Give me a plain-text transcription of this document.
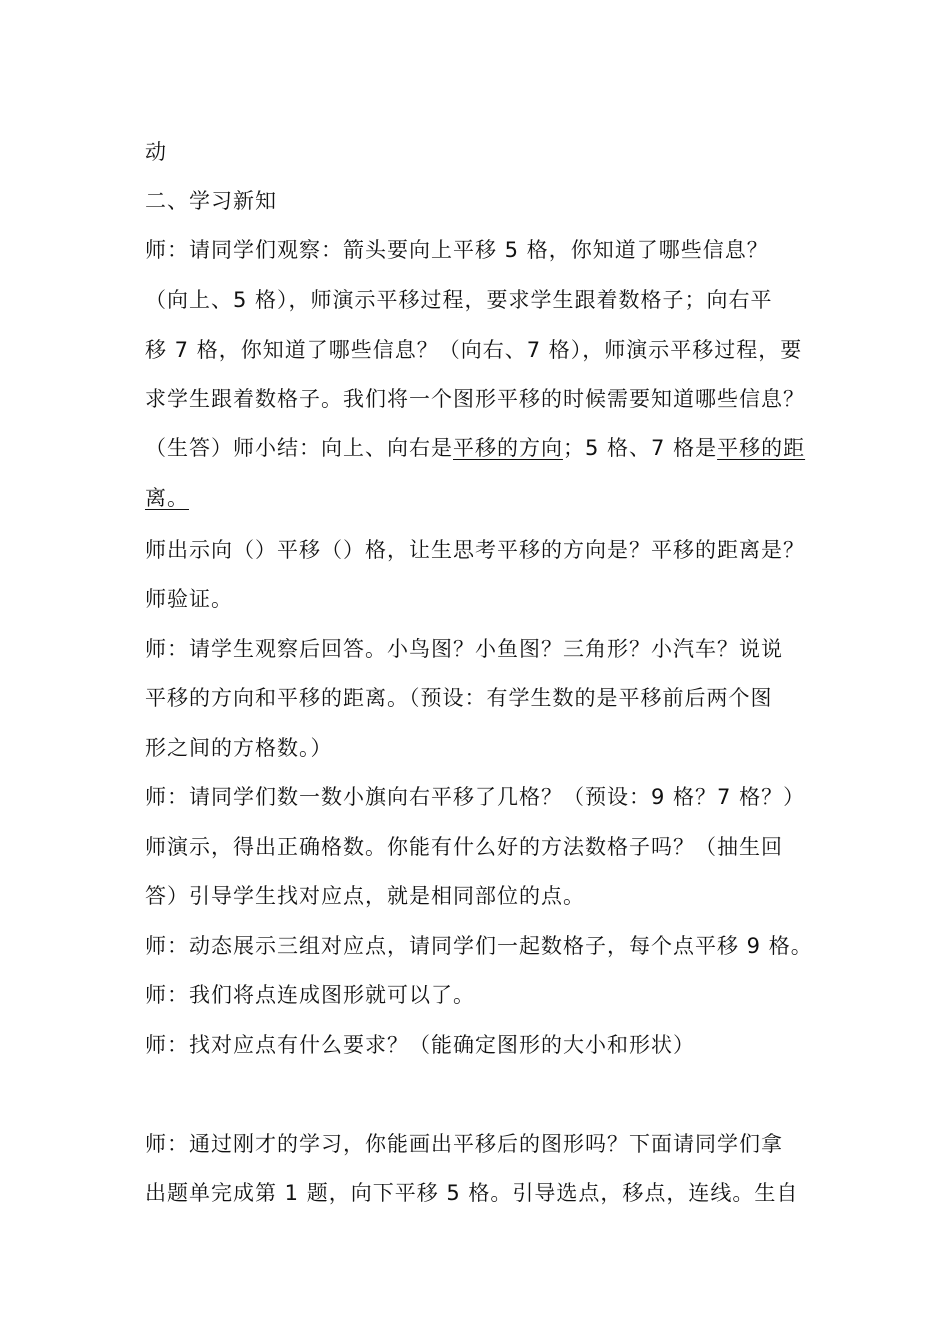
动
二、学习新知
师：请同学们观察：箭头要向上平移 5 格，你知道了哪些信息？
（向上、5 格），师演示平移过程，要求学生跟着数格子；向右平
移 7 格，你知道了哪些信息？（向右、7 格），师演示平移过程，要
求学生跟着数格子。我们将一个图形平移的时候需要知道哪些信息？
（生答）师小结：向上、向右是平移的方向；5 格、7 格是平移的距
离。
师出示向（）平移（）格，让生思考平移的方向是？平移的距离是？
师验证。
师：请学生观察后回答。小鸟图？小鱼图？三角形？小汽车？说说
平移的方向和平移的距离。（预设：有学生数的是平移前后两个图
形之间的方格数。）
师：请同学们数一数小旗向右平移了几格？（预设：9 格？7 格？）
师演示，得出正确格数。你能有什么好的方法数格子吗？（抽生回
答）引导学生找对应点，就是相同部位的点。
师：动态展示三组对应点，请同学们一起数格子，每个点平移 9 格。
师：我们将点连成图形就可以了。
师：找对应点有什么要求？（能确定图形的大小和形状）
师：通过刚才的学习，你能画出平移后的图形吗？下面请同学们拿
出题单完成第 1 题，向下平移 5 格。引导选点，移点，连线。生自
